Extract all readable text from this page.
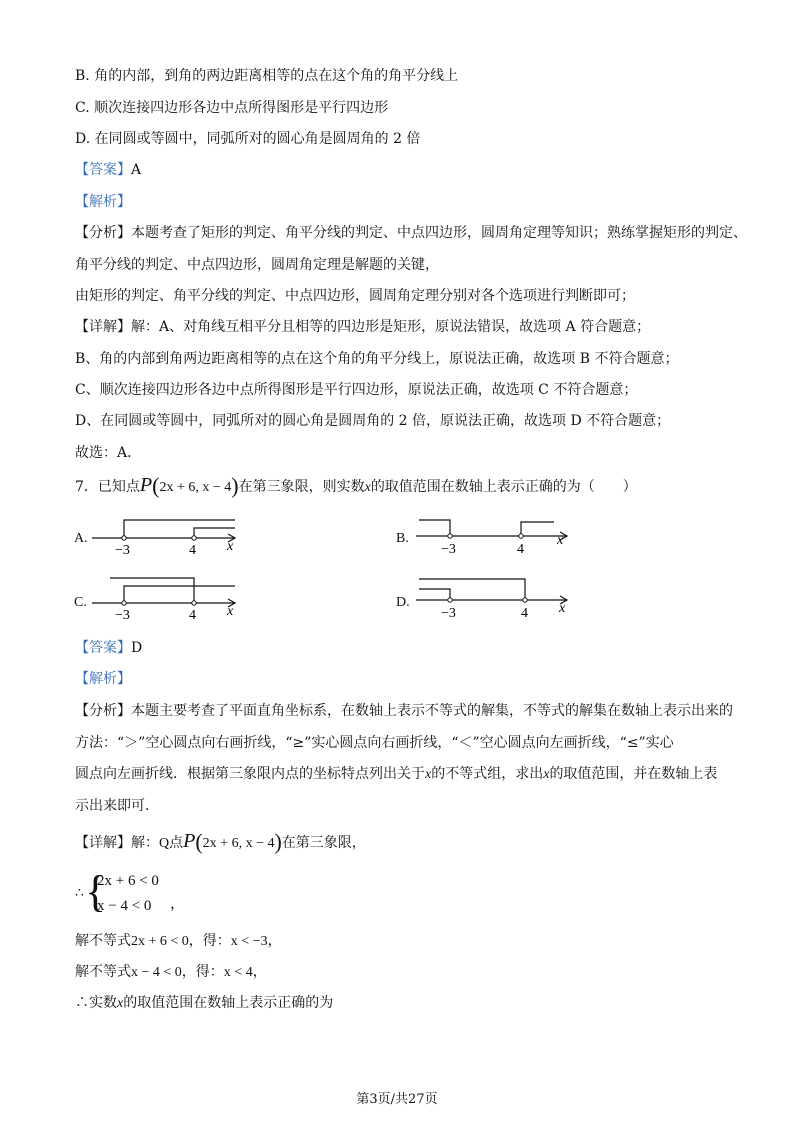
B. 角的内部，到角的两边距离相等的点在这个角的角平分线上
C. 顺次连接四边形各边中点所得图形是平行四边形
D. 在同圆或等圆中，同弧所对的圆心角是圆周角的 2 倍
【答案】A
【解析】
【分析】本题考查了矩形的判定、角平分线的判定、中点四边形，圆周角定理等知识；熟练掌握矩形的判定、
角平分线的判定、中点四边形，圆周角定理是解题的关键，
由矩形的判定、角平分线的判定、中点四边形，圆周角定理分别对各个选项进行判断即可；
【详解】解：A、对角线互相平分且相等的四边形是矩形，原说法错误，故选项 A 符合题意；
B、角的内部到角两边距离相等的点在这个角的角平分线上，原说法正确，故选项 B 不符合题意；
C、顺次连接四边形各边中点所得图形是平行四边形，原说法正确，故选项 C 不符合题意；
D、在同圆或等圆中，同弧所对的圆心角是圆周角的 2 倍，原说法正确，故选项 D 不符合题意；
故选：A．
7．已知点P(2x + 6, x − 4)在第三象限，则实数x的取值范围在数轴上表示正确的为（　　）
A.
−3	4 x
B.
−3	4
x
C.
−3	4 x
D.
−3	4 x
【答案】D
【解析】
【分析】本题主要考查了平面直角坐标系，在数轴上表示不等式的解集，不等式的解集在数轴上表示出来的
方法：“＞”空心圆点向右画折线，“≥”实心圆点向右画折线，“＜”空心圆点向左画折线，“≤”实心
圆点向左画折线．根据第三象限内点的坐标特点列出关于x的不等式组，求出x的取值范围，并在数轴上表
示出来即可．
【详解】解：Q点P(2x + 6, x − 4)在第三象限，
∴ {
2x + 6 < 0
x − 4 < 0 ，
解不等式2x + 6 < 0，得：x < −3，
解不等式x − 4 < 0，得：x < 4，
∴实数x的取值范围在数轴上表示正确的为
第3页/共27页
